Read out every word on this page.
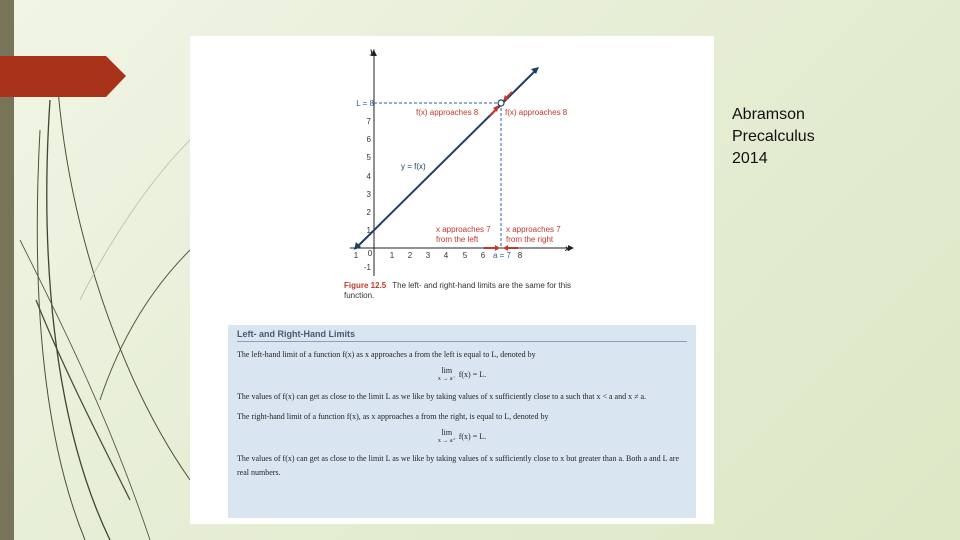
y
x
L = 8
7
6
5
4
3
2
1
-1
1 0 1 2 3 4 5 6 a = 7 8
y = f(x)
f(x) approaches 8	f(x) approaches 8
x approaches 7
from the left
x approaches 7
from the right
Figure 12.5 The left- and right-hand limits are the same for this function.
Left- and Right-Hand Limits
The left-hand limit of a function f(x) as x approaches a from the left is equal to L, denoted by
lim
x → a⁻
f(x) = L.
The values of f(x) can get as close to the limit L as we like by taking values of x sufficiently close to a such that x < a and x ≠ a.
The right-hand limit of a function f(x), as x approaches a from the right, is equal to L, denoted by
lim
x → a⁺
f(x) = L.
The values of f(x) can get as close to the limit L as we like by taking values of x sufficiently close to x but greater than a. Both a and L are real numbers.
Abramson
Precalculus
2014
